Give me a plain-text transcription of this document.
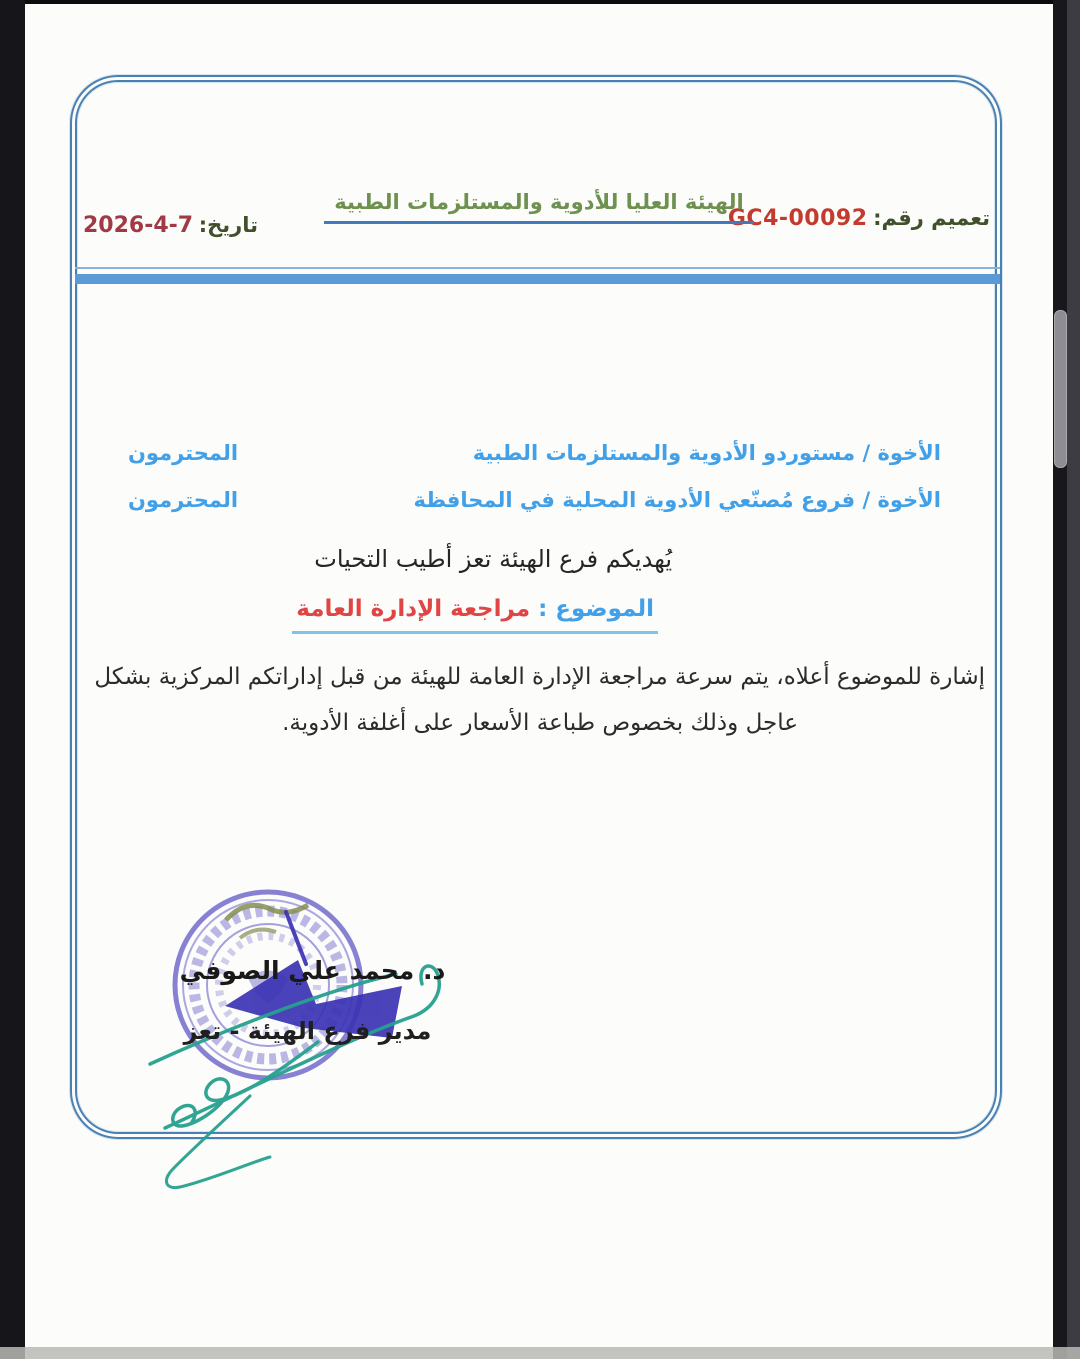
تعميم رقم: GC4-00092
الهيئة العليا للأدوية والمستلزمات الطبية
تاريخ: 2026-4-7
الأخوة / مستوردو الأدوية والمستلزمات الطبية
المحترمون
الأخوة / فروع مُصنّعي الأدوية المحلية في المحافظة
المحترمون
يُهديكم فرع الهيئة تعز أطيب التحيات
الموضوع : مراجعة الإدارة العامة
إشارة للموضوع أعلاه، يتم سرعة مراجعة الإدارة العامة للهيئة من قبل إداراتكم المركزية بشكل
عاجل وذلك بخصوص طباعة الأسعار على أغلفة الأدوية.
د. محمد علي الصوفي
مدير فرع الهيئة - تعز
